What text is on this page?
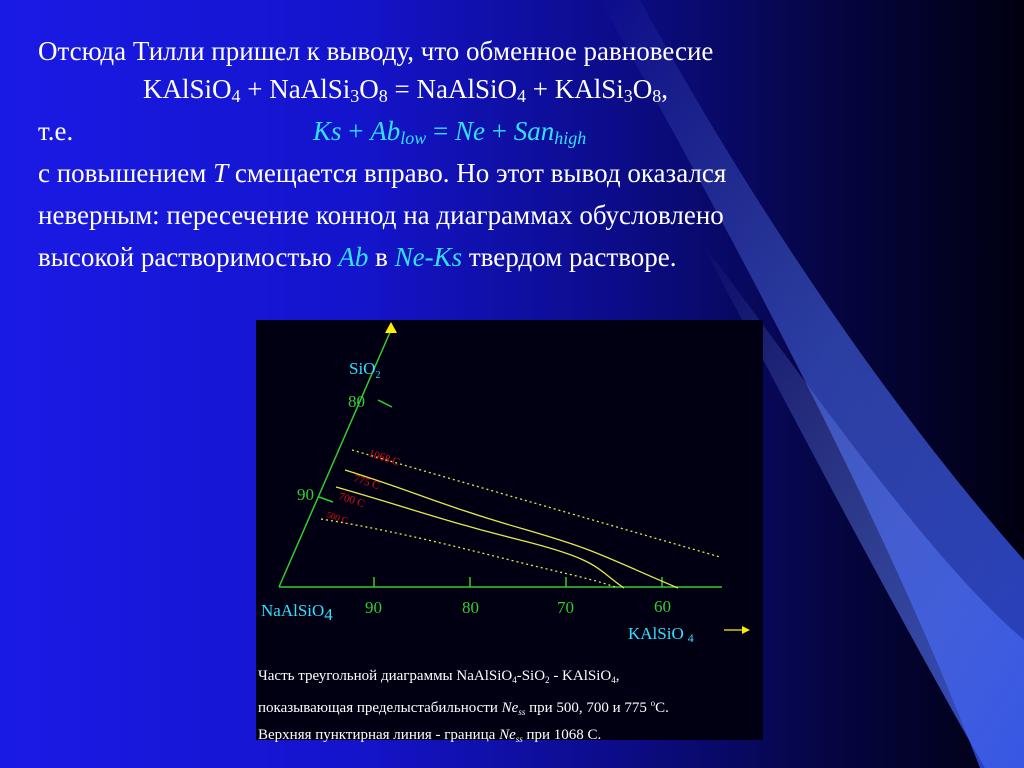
Отсюда Тилли пришел к выводу, что обменное равновесие
KAlSiO$_4$ + $NaAlSi_3O_8$ = NaAlSiO$_4$ + $KAlSi_3O_8$,
т.е.	$Ks + Ab_{low} = Ne + San_{high}$
с повышением T смещается вправо. Но этот вывод оказался
неверным: пересечение коннод на диаграммах обусловлено
высокой растворимостью Ab в Ne-Ks твердом растворе.
SiO$_2$
80
90
1068 C
775 C
700 C
500 C
NaAlSiO4 90	80	70	60
KAlSiO 4
Часть треугольной диаграммы NaAlSiO$_4$-SiO$_2$ - KAlSiO$_4$,
показывающая пределыстабильности $Ne_{ss}$ при 500, 700 и 775 $^o$C.
Верхняя пунктирная линия - граница $Ne_{ss}$ при 1068 C.
